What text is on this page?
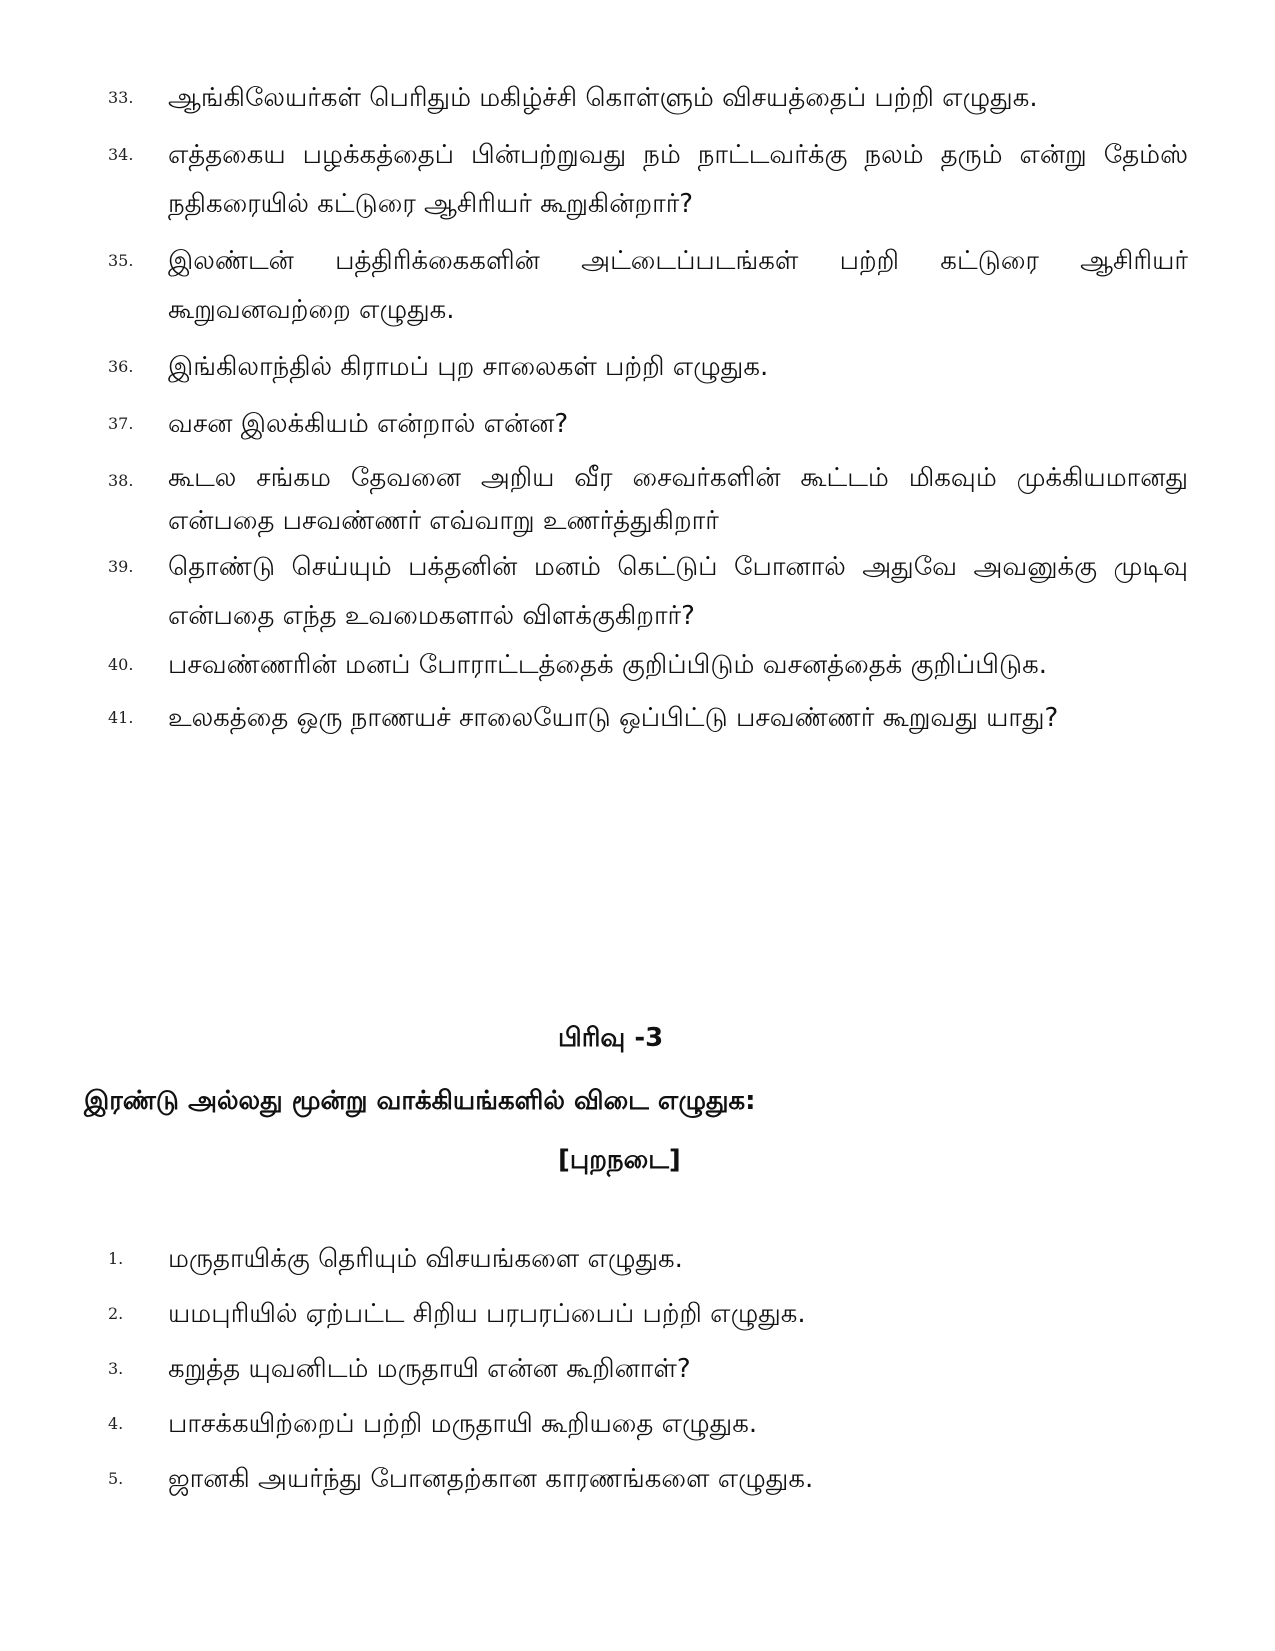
33. ஆங்கிலேயர்கள் பெரிதும் மகிழ்ச்சி கொள்ளும் விசயத்தைப் பற்றி எழுதுக.
34. எத்தகைய பழக்கத்தைப் பின்பற்றுவது நம் நாட்டவர்க்கு நலம் தரும் என்று தேம்ஸ் நதிகரையில் கட்டுரை ஆசிரியர் கூறுகின்றார்?
35. இலண்டன் பத்திரிக்கைகளின் அட்டைப்படங்கள் பற்றி கட்டுரை ஆசிரியர் கூறுவனவற்றை எழுதுக.
36. இங்கிலாந்தில் கிராமப் புற சாலைகள் பற்றி எழுதுக.
37. வசன இலக்கியம் என்றால் என்ன?
38. கூடல சங்கம தேவனை அறிய வீர சைவர்களின் கூட்டம் மிகவும் முக்கியமானது என்பதை பசவண்ணர் எவ்வாறு உணர்த்துகிறார்
39. தொண்டு செய்யும் பக்தனின் மனம் கெட்டுப் போனால் அதுவே அவனுக்கு முடிவு என்பதை எந்த உவமைகளால் விளக்குகிறார்?
40. பசவண்ணரின் மனப் போராட்டத்தைக் குறிப்பிடும் வசனத்தைக் குறிப்பிடுக.
41. உலகத்தை ஒரு நாணயச் சாலையோடு ஒப்பிட்டு பசவண்ணர் கூறுவது யாது?
பிரிவு -3
இரண்டு அல்லது மூன்று வாக்கியங்களில் விடை எழுதுக:
[புறநடை]
1. மருதாயிக்கு தெரியும் விசயங்களை எழுதுக.
2. யமபுரியில் ஏற்பட்ட சிறிய பரபரப்பைப் பற்றி எழுதுக.
3. கறுத்த யுவனிடம் மருதாயி என்ன கூறினாள்?
4. பாசக்கயிற்றைப் பற்றி மருதாயி கூறியதை எழுதுக.
5. ஜானகி அயர்ந்து போனதற்கான காரணங்களை எழுதுக.
